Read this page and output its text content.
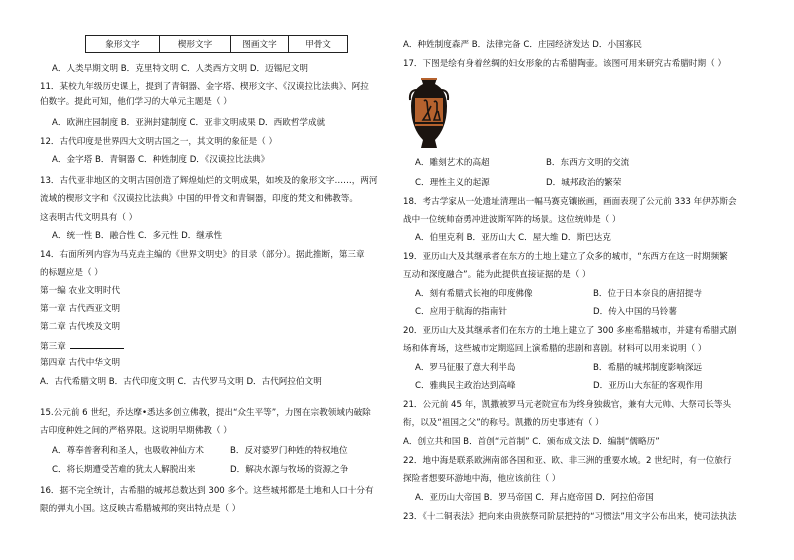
象形文字	楔形文字	图画文字	甲骨文
A．人类早期文明 B．克里特文明 C．人类西方文明 D．迈锡尼文明
11．某校九年级历史课上，提到了青铜器、金字塔、楔形文字、《汉谟拉比法典》、阿拉
伯数字。提此可知，他们学习的大单元主题是（ ）
A．欧洲庄园制度 B．亚洲封建制度 C．亚非文明成果 D．西欧哲学成就
12．古代印度是世界四大文明古国之一，其文明的象征是（ ）
A．金字塔 B．青铜器 C．种姓制度 D．《汉谟拉比法典》
13．古代亚非地区的文明古国创造了辉煌灿烂的文明成果，如埃及的象形文字……，两河
流域的楔形文字和《汉谟拉比法典》中国的甲骨文和青铜器，印度的梵文和佛教等。
这表明古代文明具有（ ）
A．统一性 B．融合性 C．多元性 D．继承性
14．右面所列内容为马克垚主编的《世界文明史》的目录（部分）。据此推断，第三章
的标题应是（ ）
第一编 农业文明时代
第一章 古代西亚文明
第二章 古代埃及文明
第三章
第四章 古代中华文明
A．古代希腊文明 B．古代印度文明 C．古代罗马文明 D．古代阿拉伯文明
15.公元前 6 世纪，乔达摩•悉达多创立佛教，提出“众生平等”，力图在宗教领域内破除
古印度种姓之间的严格界限。这说明早期佛教（ ）
A．尊奉普奢利和圣人，也吸收神仙方术	B．反对婆罗门种姓的特权地位
C．将长期遭受苦难的犹太人解脱出来	D．解决水源与牧场的资源之争
16．据不完全统计，古希腊的城邦总数达到 300 多个。这些城邦都是土地和人口十分有
限的弹丸小国。这反映古希腊城邦的突出特点是（ ）
A．种姓制度森严 B．法律完备 C．庄园经济发达 D．小国寡民
17．下图是绘有身着丝绸的妇女形象的古希腊陶壶。该图可用来研究古希腊时期（ ）
A．雕刻艺术的高超	B．东西方文明的交流
C．理性主义的起源	D．城邦政治的繁荣
18．考古学家从一处遗址清理出一幅马赛克镶嵌画，画面表现了公元前 333 年伊苏斯会
战中一位统帅奋勇冲进波斯军阵的场景。这位统帅是（ ）
A．伯里克利 B．亚历山大 C．屋大维 D．斯巴达克
19．亚历山大及其继承者在东方的土地上建立了众多的城市，“东西方在这一时期频繁
互动和深度融合”。能为此提供直接证据的是（ ）
A．刻有希腊式长袍的印度佛像	B．位于日本奈良的唐招提寺
C．应用于航海的指南针	D．传入中国的马铃薯
20．亚历山大及其继承者们在东方的土地上建立了 300 多座希腊城市，并建有希腊式剧
场和体育场，这些城市定期巡回上演希腊的悲剧和喜剧。材料可以用来说明（ ）
A．罗马征服了意大利半岛	B．希腊的城邦制度影响深远
C．雅典民主政治达到高峰	D．亚历山大东征的客观作用
21．公元前 45 年，凯撒被罗马元老院宣布为终身独裁官，兼有大元帅、大祭司长等头
衔，以及“祖国之父”的称号。凯撒的历史事迹有（ ）
A．创立共和国 B．首创“元首制” C．颁布成文法 D．编制“儒略历”
22．地中海是联系欧洲南部各国和亚、欧、非三洲的重要水域。2 世纪时，有一位旅行
探险者想要环游地中海，他应该前往（ ）
A．亚历山大帝国 B．罗马帝国 C．拜占庭帝国 D．阿拉伯帝国
23．《十二铜表法》把向来由贵族祭司阶层把持的“习惯法”用文字公布出来，使司法执法
